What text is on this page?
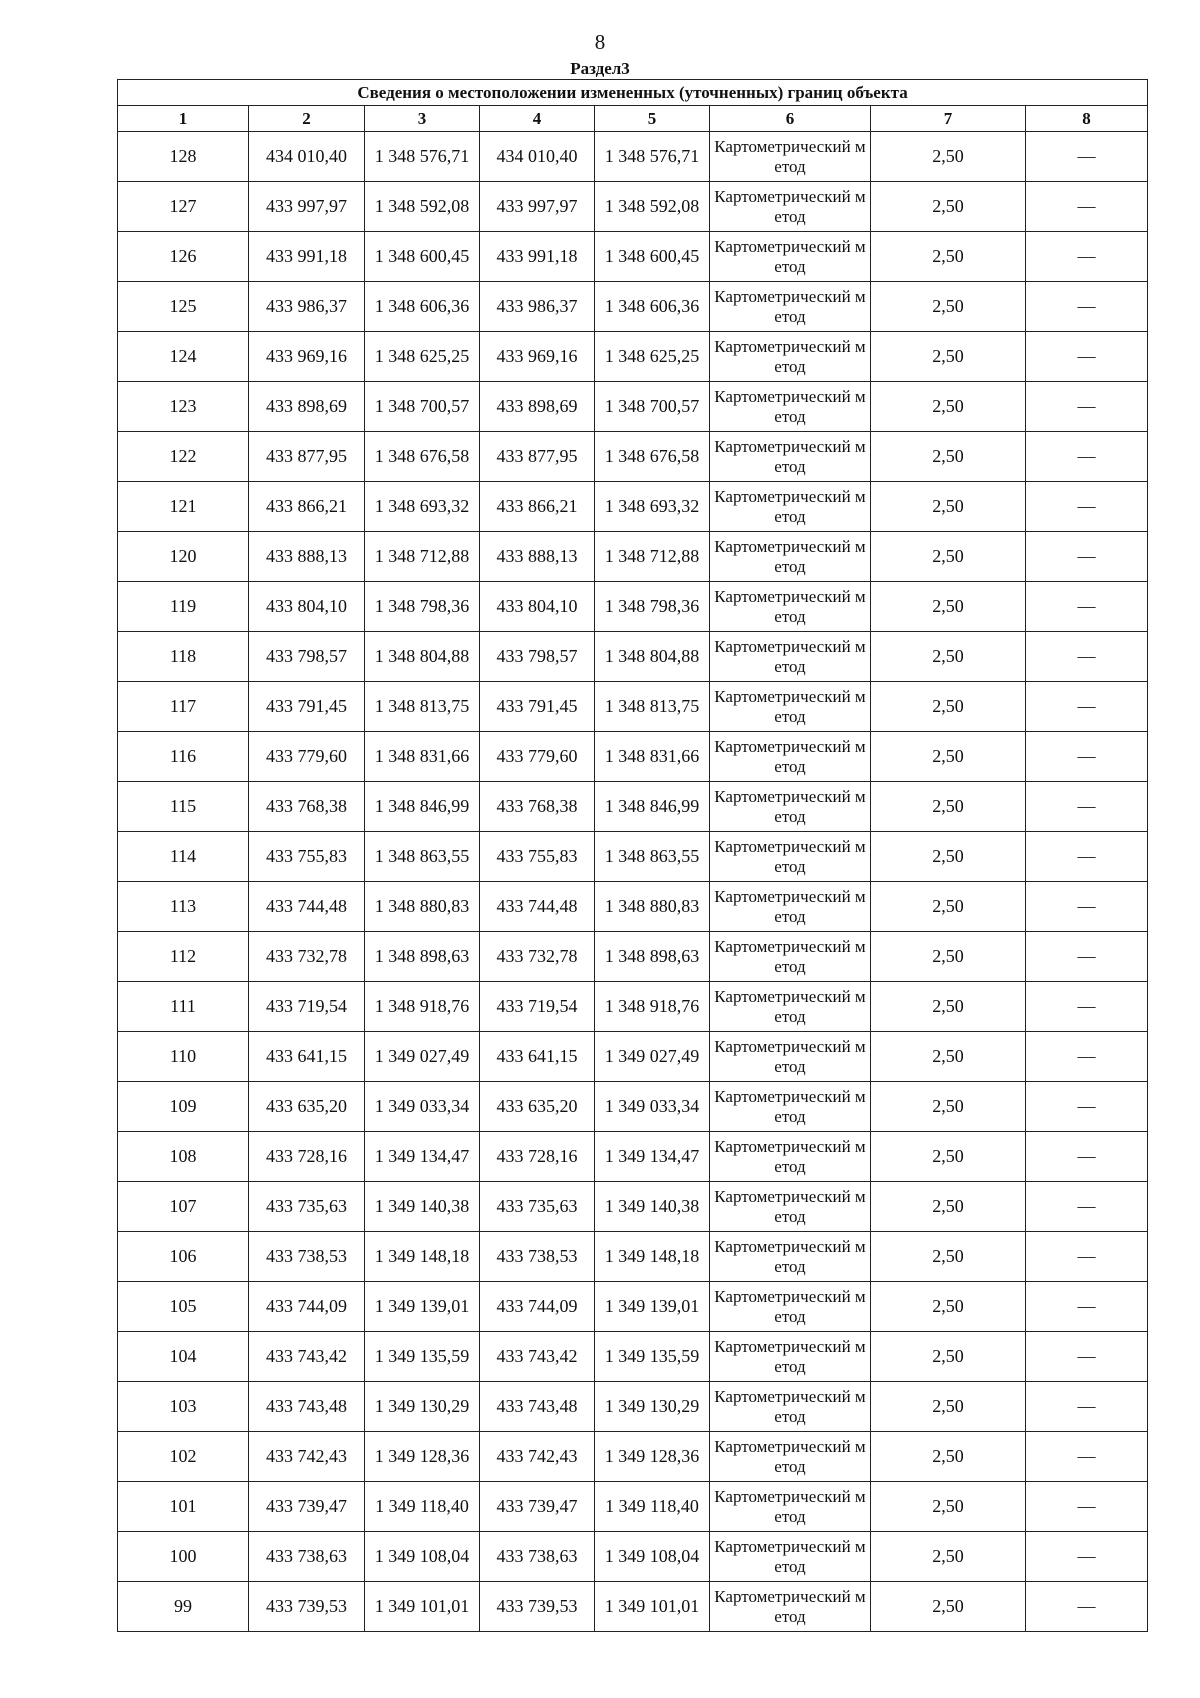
8
Раздел3
Сведения о местоположении измененных (уточненных) границ объекта							
1	2	3	4	5	6	7	8
128	434 010,40	1 348 576,71	434 010,40	1 348 576,71	Картометрический метод	2,50	—
127	433 997,97	1 348 592,08	433 997,97	1 348 592,08	Картометрический метод	2,50	—
126	433 991,18	1 348 600,45	433 991,18	1 348 600,45	Картометрический метод	2,50	—
125	433 986,37	1 348 606,36	433 986,37	1 348 606,36	Картометрический метод	2,50	—
124	433 969,16	1 348 625,25	433 969,16	1 348 625,25	Картометрический метод	2,50	—
123	433 898,69	1 348 700,57	433 898,69	1 348 700,57	Картометрический метод	2,50	—
122	433 877,95	1 348 676,58	433 877,95	1 348 676,58	Картометрический метод	2,50	—
121	433 866,21	1 348 693,32	433 866,21	1 348 693,32	Картометрический метод	2,50	—
120	433 888,13	1 348 712,88	433 888,13	1 348 712,88	Картометрический метод	2,50	—
119	433 804,10	1 348 798,36	433 804,10	1 348 798,36	Картометрический метод	2,50	—
118	433 798,57	1 348 804,88	433 798,57	1 348 804,88	Картометрический метод	2,50	—
117	433 791,45	1 348 813,75	433 791,45	1 348 813,75	Картометрический метод	2,50	—
116	433 779,60	1 348 831,66	433 779,60	1 348 831,66	Картометрический метод	2,50	—
115	433 768,38	1 348 846,99	433 768,38	1 348 846,99	Картометрический метод	2,50	—
114	433 755,83	1 348 863,55	433 755,83	1 348 863,55	Картометрический метод	2,50	—
113	433 744,48	1 348 880,83	433 744,48	1 348 880,83	Картометрический метод	2,50	—
112	433 732,78	1 348 898,63	433 732,78	1 348 898,63	Картометрический метод	2,50	—
111	433 719,54	1 348 918,76	433 719,54	1 348 918,76	Картометрический метод	2,50	—
110	433 641,15	1 349 027,49	433 641,15	1 349 027,49	Картометрический метод	2,50	—
109	433 635,20	1 349 033,34	433 635,20	1 349 033,34	Картометрический метод	2,50	—
108	433 728,16	1 349 134,47	433 728,16	1 349 134,47	Картометрический метод	2,50	—
107	433 735,63	1 349 140,38	433 735,63	1 349 140,38	Картометрический метод	2,50	—
106	433 738,53	1 349 148,18	433 738,53	1 349 148,18	Картометрический метод	2,50	—
105	433 744,09	1 349 139,01	433 744,09	1 349 139,01	Картометрический метод	2,50	—
104	433 743,42	1 349 135,59	433 743,42	1 349 135,59	Картометрический метод	2,50	—
103	433 743,48	1 349 130,29	433 743,48	1 349 130,29	Картометрический метод	2,50	—
102	433 742,43	1 349 128,36	433 742,43	1 349 128,36	Картометрический метод	2,50	—
101	433 739,47	1 349 118,40	433 739,47	1 349 118,40	Картометрический метод	2,50	—
100	433 738,63	1 349 108,04	433 738,63	1 349 108,04	Картометрический метод	2,50	—
99	433 739,53	1 349 101,01	433 739,53	1 349 101,01	Картометрический метод	2,50	—
